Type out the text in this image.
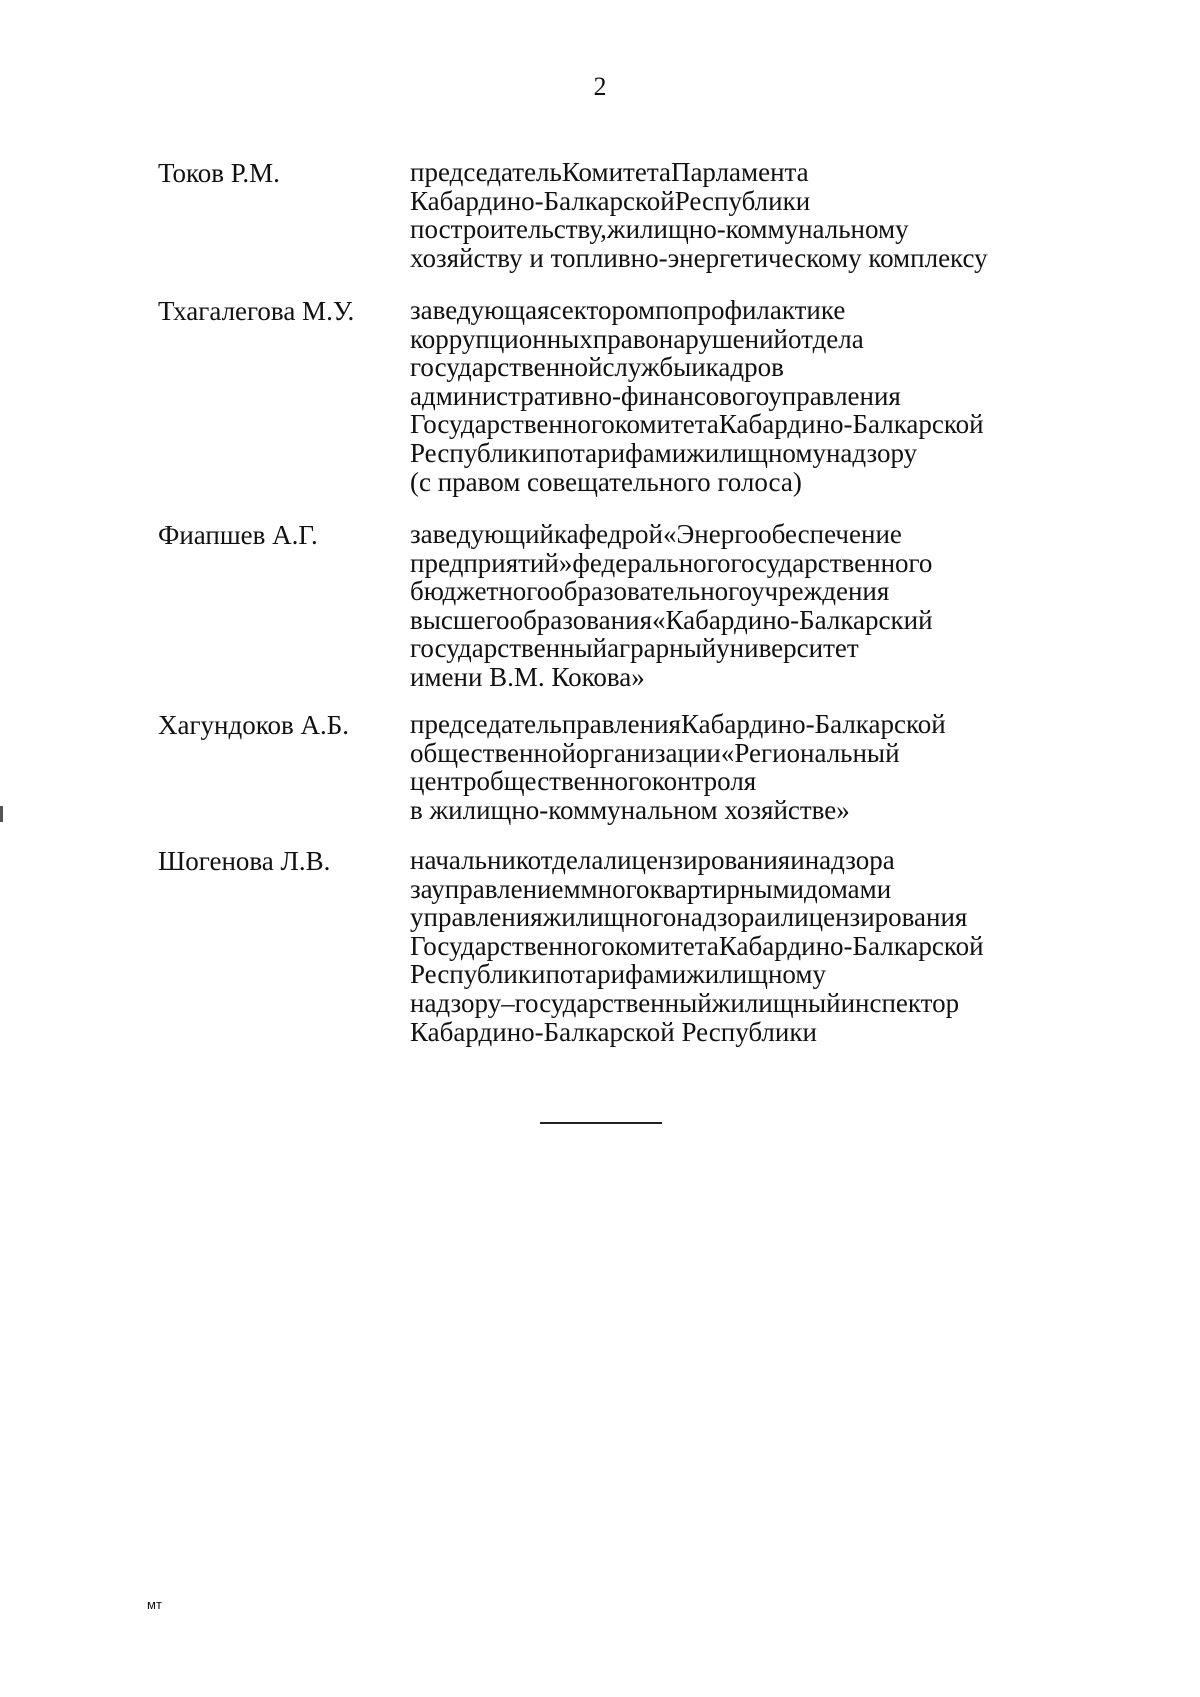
2
Токов Р.М.	председательКомитетаПарламента
Кабардино-БалкарскойРеспублики
построительству,жилищно-коммунальному
хозяйству и топливно-энергетическому комплексу
Тхагалегова М.У. заведующаясекторомпопрофилактике
коррупционныхправонарушенийотдела
государственнойслужбыикадров
административно-финансовогоуправления
ГосударственногокомитетаКабардино-Балкарской
Республикипотарифамижилищномунадзору
(с правом совещательного голоса)
Фиапшев А.Г.	заведующийкафедрой«Энергообеспечение
предприятий»федеральногогосударственного
бюджетногообразовательногоучреждения
высшегообразования«Кабардино-Балкарский
государственныйаграрныйуниверситет
имени В.М. Кокова»
Хагундоков А.Б. председательправленияКабардино-Балкарской
общественнойорганизации«Региональный
центробщественногоконтроля
в жилищно-коммунальном хозяйстве»
Шогенова Л.В.	начальникотделалицензированияинадзора
зауправлениеммногоквартирнымидомами
управленияжилищногонадзораилицензирования
ГосударственногокомитетаКабардино-Балкарской
Республикипотарифамижилищному
надзору–государственныйжилищныйинспектор
Кабардино-Балкарской Республики
мт
